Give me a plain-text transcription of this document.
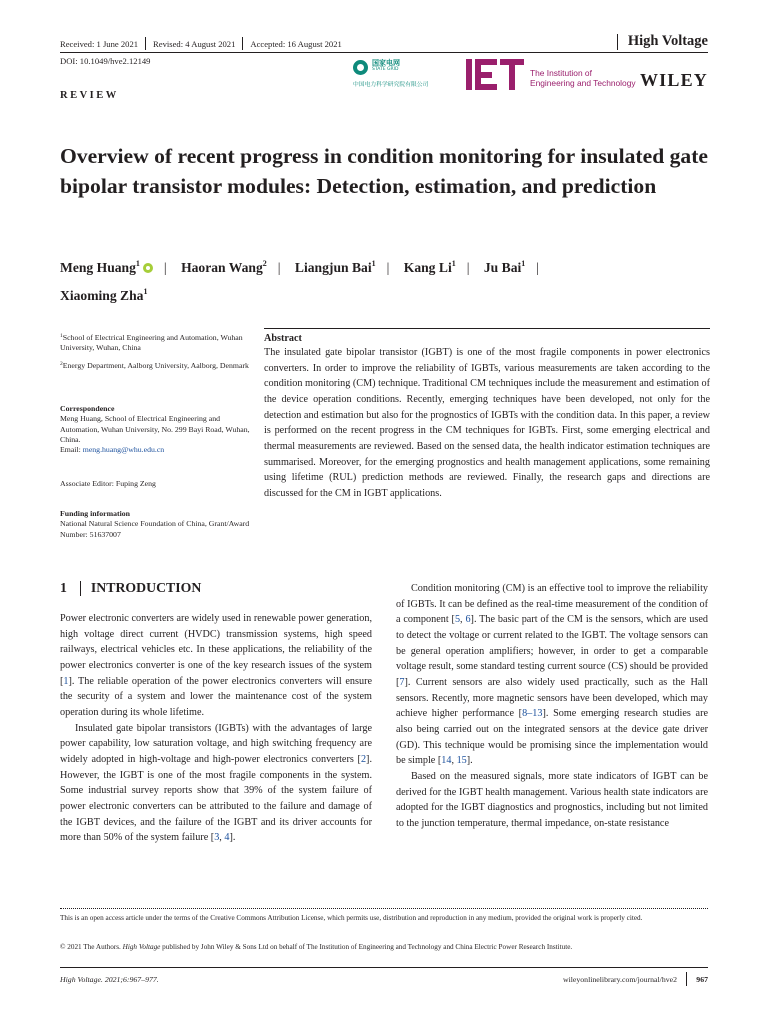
Received: 1 June 2021 Revised: 4 August 2021 Accepted: 16 August 2021	High Voltage
DOI: 10.1049/hve2.12149
REVIEW
国家电网
STATE GRID
中国电力科学研究院有限公司
The Institution of
Engineering and Technology WILEY
Overview of recent progress in condition monitoring for insulated gate bipolar transistor modules: Detection, estimation, and prediction
Meng Huang$^1$ | Haoran Wang$^2$ | Liangjun Bai$^1$ | Kang Li$^1$ | Ju Bai$^1$ |
Xiaoming Zha$^1$
$^1$School of Electrical Engineering and Automation, Wuhan University, Wuhan, China
$^2$Energy Department, Aalborg University, Aalborg, Denmark
Correspondence
Meng Huang, School of Electrical Engineering and Automation, Wuhan University, No. 299 Bayi Road, Wuhan, China.
Email: meng.huang@whu.edu.cn
Associate Editor: Fuping Zeng
Funding information
National Natural Science Foundation of China, Grant/Award Number: 51637007
Abstract

The insulated gate bipolar transistor (IGBT) is one of the most fragile components in power electronics converters. In order to improve the reliability of IGBTs, various measurements are taken according to the condition monitoring (CM) technique. Traditional CM techniques include the measurement and estimation of the device operation conditions. Recently, emerging techniques have been developed, not only for the detection and estimation but also for the prognostics of IGBTs with the condition data. In this paper, a review is performed on the recent progress in the CM techniques for IGBTs. First, some emerging electrical and thermal measurements are reviewed. Based on the sensed data, the health indicator estimation techniques are summarised. Moreover, for the emerging prognostics and health management applications, some remaining using lifetime (RUL) prediction methods are reviewed. Finally, the research gaps and directions are discussed for the CM in IGBT applications.

1 INTRODUCTION

Power electronic converters are widely used in renewable power generation, high voltage direct current (HVDC) transmission systems, high speed railways, electrical vehicles etc. In these applications, the reliability of the power electronics converter is one of the key research issues of the system [1]. The reliable operation of the power electronics converters will ensure the security of a system and lower the maintenance cost of the system operation during its whole lifetime.

Insulated gate bipolar transistors (IGBTs) with the advantages of large power capability, low saturation voltage, and high switching frequency are widely adopted in high-voltage and high-power electronics converters [2]. However, the IGBT is one of the most fragile components in the system. Some industrial survey reports show that 39% of the system failure of power electronic converters can be attributed to the failure and damage of the IGBT devices, and the failure of the IGBT and its driver accounts for more than 50% of the system failure [3, 4].

Condition monitoring (CM) is an effective tool to improve the reliability of IGBTs. It can be defined as the real-time measurement of the condition of a component [5, 6]. The basic part of the CM is the sensors, which are used to detect the voltage or current related to the IGBT. The voltage sensors can be general operation amplifiers; however, in order to get a comparable voltage result, some standard testing current source (CS) should be provided [7]. Current sensors are also widely used practically, such as the Hall sensors. Recently, more magnetic sensors have been developed, which may achieve higher performance [8–13]. Some emerging research studies are also being carried out on the integrated sensors at the device gate driver (GD). This technique would be promising since the implementation would be simple [14, 15].

Based on the measured signals, more state indicators of IGBT can be derived for the IGBT health management. Various health state indicators are adopted for the IGBT diagnostics and prognostics, including but not limited to the junction temperature, thermal impedance, on-state resistance

This is an open access article under the terms of the Creative Commons Attribution License, which permits use, distribution and reproduction in any medium, provided the original work is properly cited.
© 2021 The Authors. High Voltage published by John Wiley & Sons Ltd on behalf of The Institution of Engineering and Technology and China Electric Power Research Institute.
High Voltage. 2021;6:967–977.	wileyonlinelibrary.com/journal/hve2 967
